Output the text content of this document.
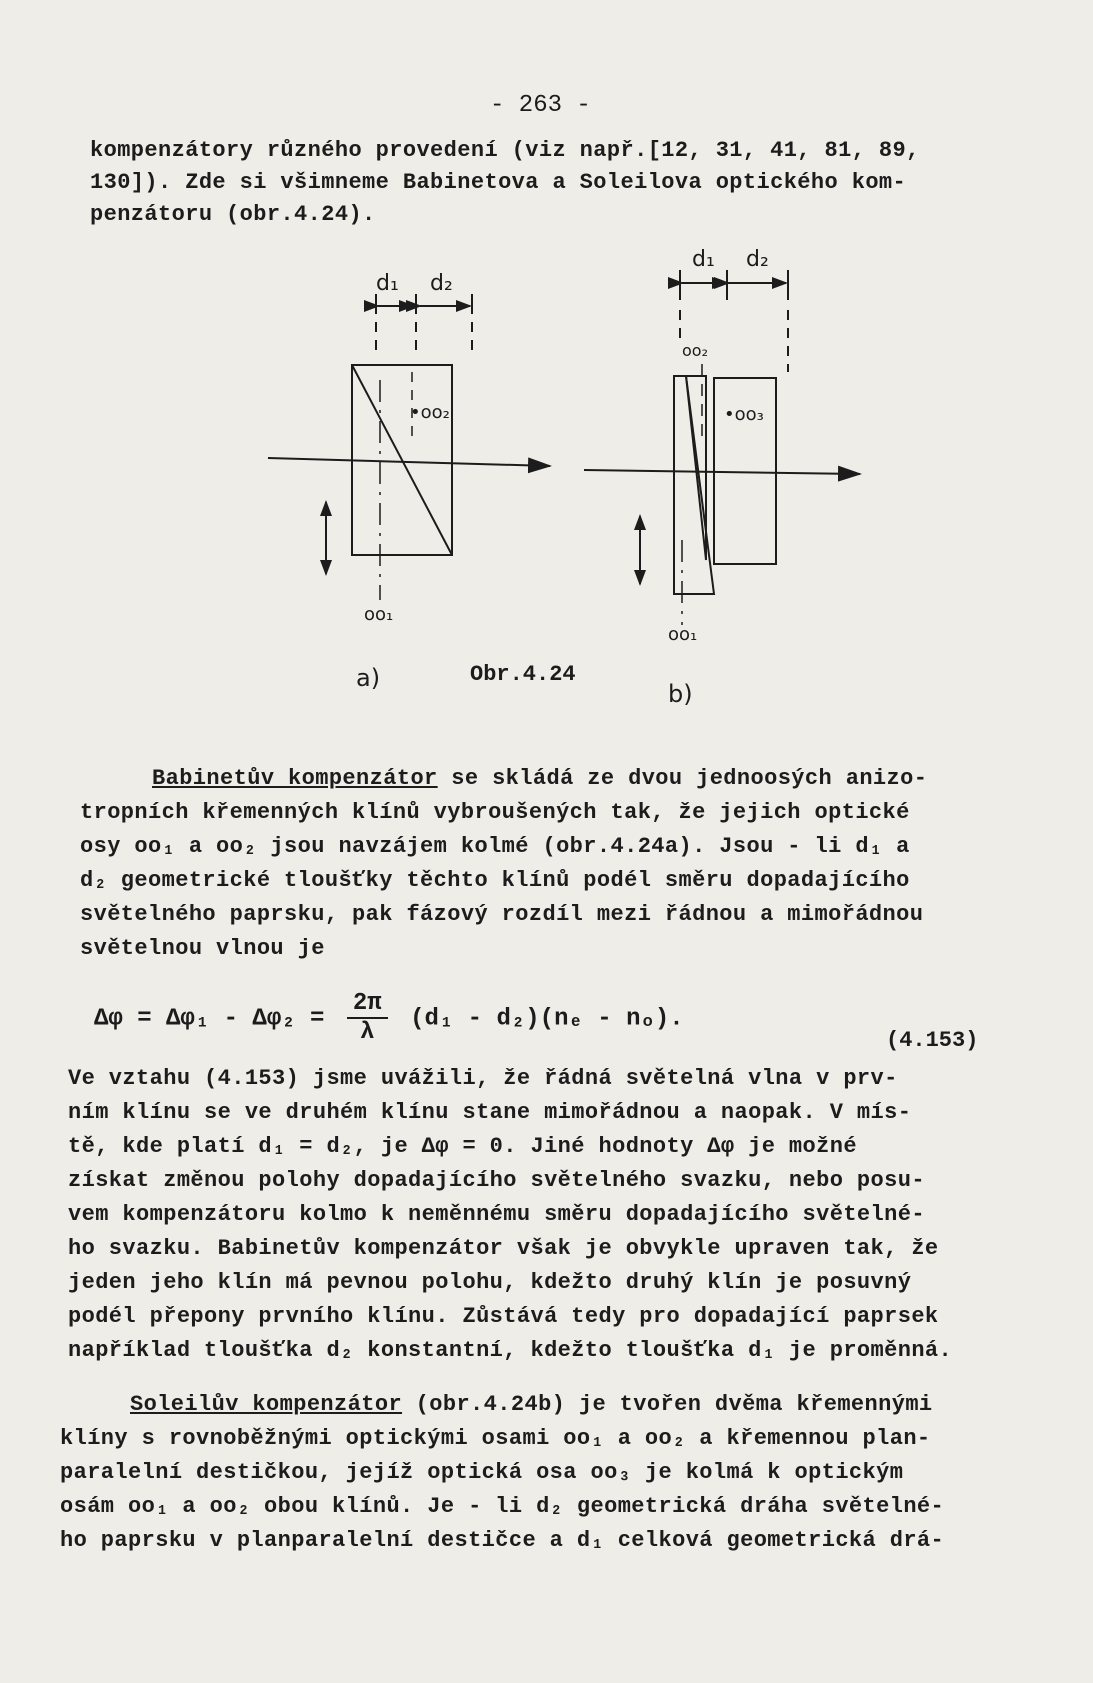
- 263 -
kompenzátory různého provedení (viz např.[12, 31, 41, 81, 89,
130]). Zde si všimneme Babinetova a Soleilova optického kom-
penzátoru (obr.4.24).
d₁ d₂
•oo₂
oo₁
d₁ d₂
oo₂
•oo₃
oo₁
a)	Obr.4.24
b)
Babinetův kompenzátor se skládá ze dvou jednoosých anizo-
tropních křemenných klínů vybroušených tak, že jejich optické
osy oo₁ a oo₂ jsou navzájem kolmé (obr.4.24a). Jsou - li d₁ a
d₂ geometrické tloušťky těchto klínů podél směru dopadajícího
světelného paprsku, pak fázový rozdíl mezi řádnou a mimořádnou
světelnou vlnou je
$\Delta\varphi = \Delta\varphi_1 - \Delta\varphi_2 = \frac{2\pi}{\lambda} (d_1 - d_2)(n_e - n_o)$.
(4.153)
Ve vztahu (4.153) jsme uvážili, že řádná světelná vlna v prv-
ním klínu se ve druhém klínu stane mimořádnou a naopak. V mís-
tě, kde platí d₁ = d₂, je Δφ = 0. Jiné hodnoty Δφ je možné
získat změnou polohy dopadajícího světelného svazku, nebo posu-
vem kompenzátoru kolmo k neměnnému směru dopadajícího světelné-
ho svazku. Babinetův kompenzátor však je obvykle upraven tak, že
jeden jeho klín má pevnou polohu, kdežto druhý klín je posuvný
podél přepony prvního klínu. Zůstává tedy pro dopadající paprsek
například tloušťka d₂ konstantní, kdežto tloušťka d₁ je proměnná.
Soleilův kompenzátor (obr.4.24b) je tvořen dvěma křemennými
klíny s rovnoběžnými optickými osami oo₁ a oo₂ a křemennou plan-
paralelní destičkou, jejíž optická osa oo₃ je kolmá k optickým
osám oo₁ a oo₂ obou klínů. Je - li d₂ geometrická dráha světelné-
ho paprsku v planparalelní destičce a d₁ celková geometrická drá-
